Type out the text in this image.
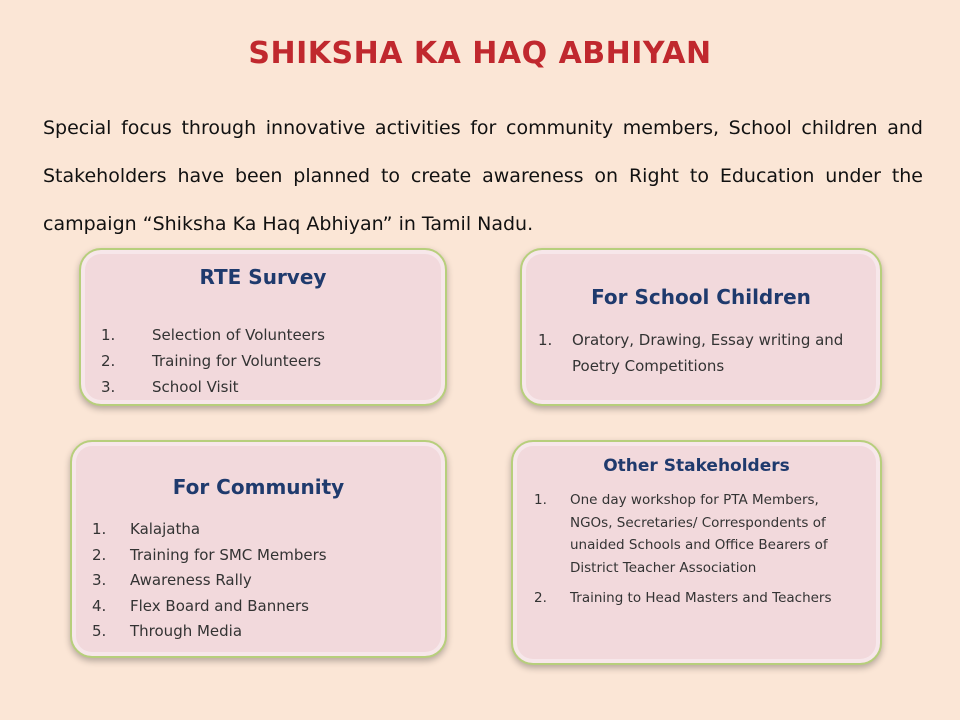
SHIKSHA KA HAQ ABHIYAN
Special focus through innovative activities for community members, School children and Stakeholders have been planned to create awareness on Right to Education under the campaign “Shiksha Ka Haq Abhiyan” in Tamil Nadu.
RTE Survey
1.	Selection of Volunteers
2.	Training for Volunteers
3.	School Visit
For School Children
1.	Oratory, Drawing, Essay writing and Poetry Competitions
For Community
1.	Kalajatha
2.	Training for SMC Members
3.	Awareness Rally
4.	Flex Board and Banners
5.	Through Media
Other Stakeholders
1.	One day workshop for PTA Members, NGOs, Secretaries/ Correspondents of unaided Schools and Office Bearers of District Teacher Association
2.	Training to Head Masters and Teachers
